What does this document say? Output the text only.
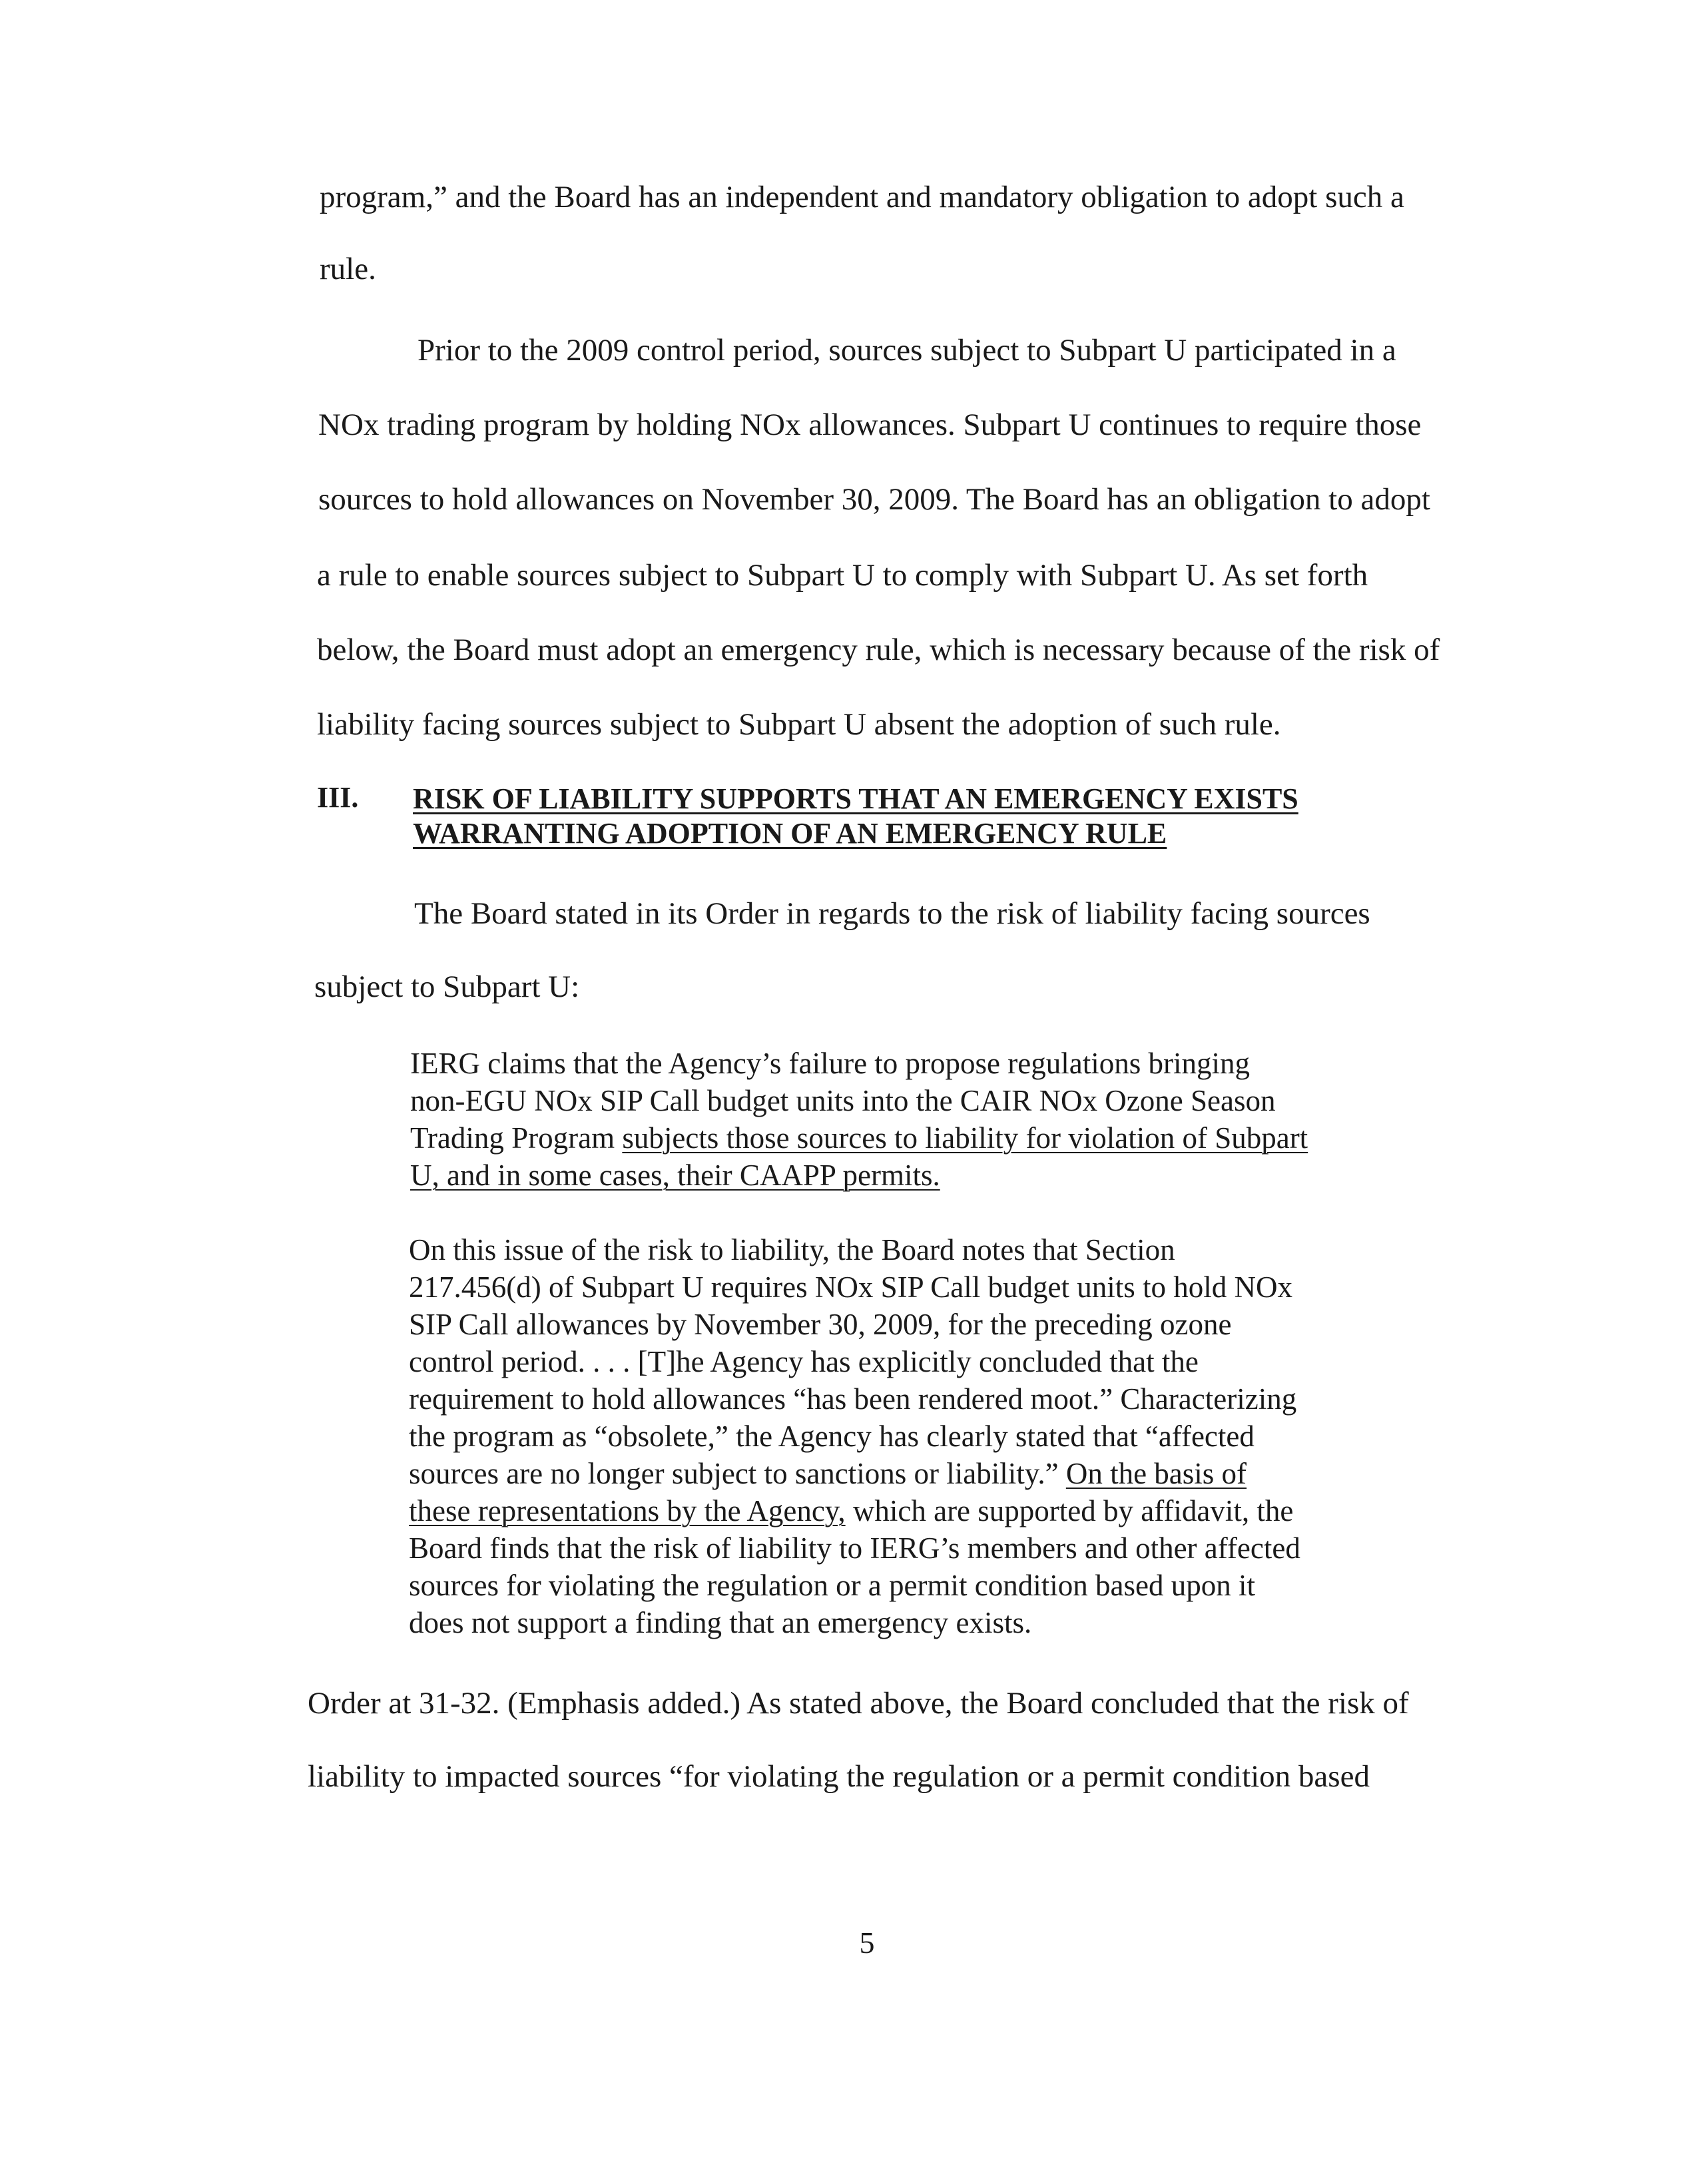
program,” and the Board has an independent and mandatory obligation to adopt such a
rule.
Prior to the 2009 control period, sources subject to Subpart U participated in a
NOx trading program by holding NOx allowances. Subpart U continues to require those
sources to hold allowances on November 30, 2009. The Board has an obligation to adopt
a rule to enable sources subject to Subpart U to comply with Subpart U. As set forth
below, the Board must adopt an emergency rule, which is necessary because of the risk of
liability facing sources subject to Subpart U absent the adoption of such rule.
III. RISK OF LIABILITY SUPPORTS THAT AN EMERGENCY EXISTS
WARRANTING ADOPTION OF AN EMERGENCY RULE
The Board stated in its Order in regards to the risk of liability facing sources
subject to Subpart U:
IERG claims that the Agency’s failure to propose regulations bringing
non-EGU NOx SIP Call budget units into the CAIR NOx Ozone Season
Trading Program subjects those sources to liability for violation of Subpart
U, and in some cases, their CAAPP permits.
On this issue of the risk to liability, the Board notes that Section
217.456(d) of Subpart U requires NOx SIP Call budget units to hold NOx
SIP Call allowances by November 30, 2009, for the preceding ozone
control period. . . . [T]he Agency has explicitly concluded that the
requirement to hold allowances “has been rendered moot.” Characterizing
the program as “obsolete,” the Agency has clearly stated that “affected
sources are no longer subject to sanctions or liability.” On the basis of
these representations by the Agency, which are supported by affidavit, the
Board finds that the risk of liability to IERG’s members and other affected
sources for violating the regulation or a permit condition based upon it
does not support a finding that an emergency exists.
Order at 31-32. (Emphasis added.) As stated above, the Board concluded that the risk of
liability to impacted sources “for violating the regulation or a permit condition based
5
